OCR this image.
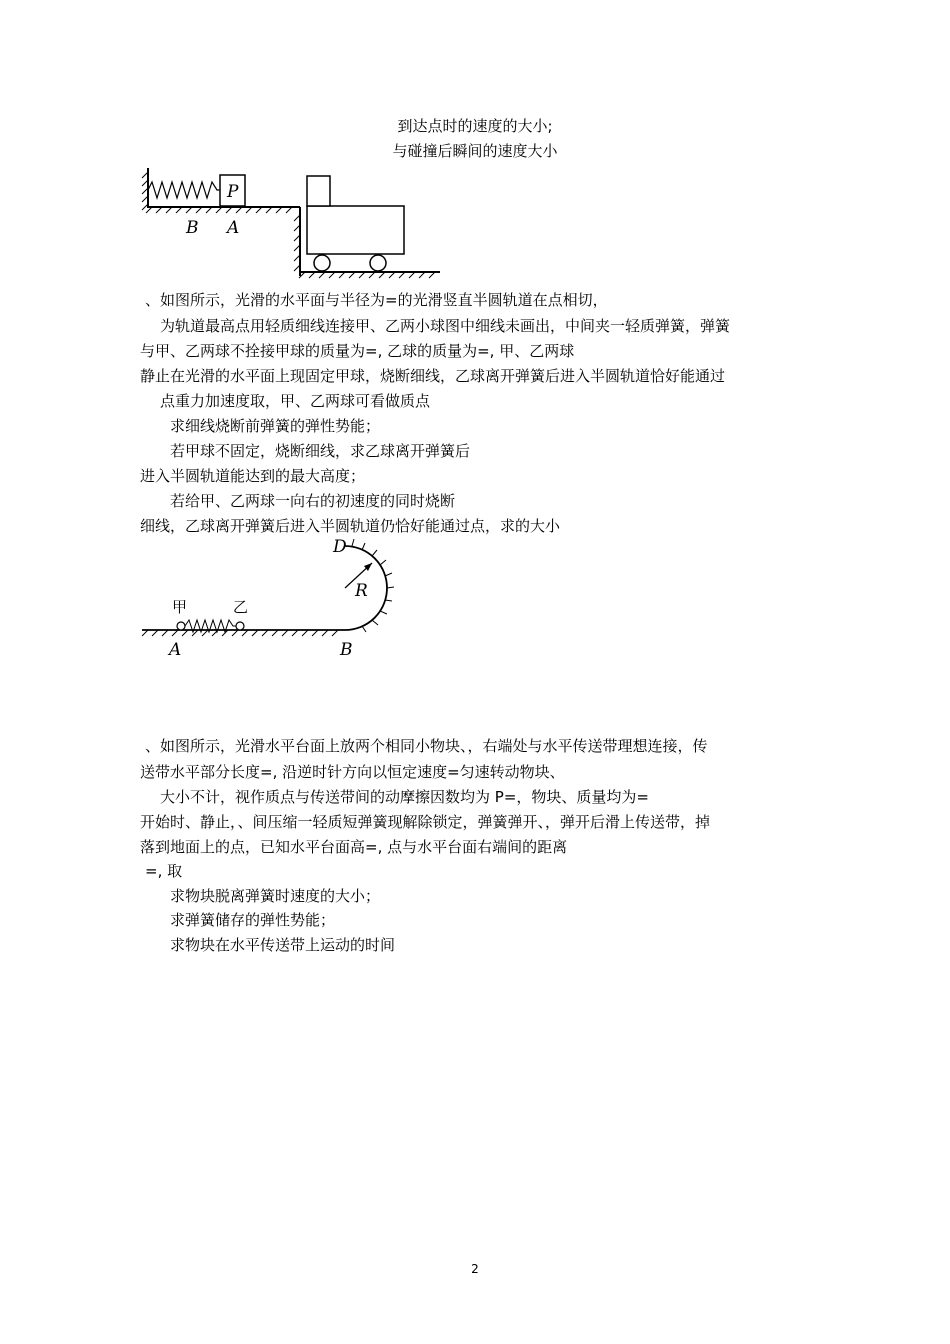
到达点时的速度的大小;
与碰撞后瞬间的速度大小
P
B A
、如图所示，光滑的水平面与半径为=的光滑竖直半圆轨道在点相切，
为轨道最高点用轻质细线连接甲、乙两小球图中细线未画出，中间夹一轻质弹簧，弹簧
与甲、乙两球不拴接甲球的质量为=, 乙球的质量为=, 甲、乙两球
静止在光滑的水平面上现固定甲球，烧断细线，乙球离开弹簧后进入半圆轨道恰好能通过
点重力加速度取，甲、乙两球可看做质点
求细线烧断前弹簧的弹性势能；
若甲球不固定，烧断细线，求乙球离开弹簧后
进入半圆轨道能达到的最大高度；
若给甲、乙两球一向右的初速度的同时烧断
细线，乙球离开弹簧后进入半圆轨道仍恰好能通过点，求的大小
D
R
甲	乙
A	B
、如图所示，光滑水平台面上放两个相同小物块、，右端处与水平传送带理想连接，传
送带水平部分长度=, 沿逆时针方向以恒定速度=匀速转动物块、
大小不计，视作质点与传送带间的动摩擦因数均为 P=，物块、质量均为=
开始时、静止，、间压缩一轻质短弹簧现解除锁定，弹簧弹开、，弹开后滑上传送带，掉
落到地面上的点，已知水平台面高=, 点与水平台面右端间的距离
=, 取
求物块脱离弹簧时速度的大小；
求弹簧储存的弹性势能；
求物块在水平传送带上运动的时间
2
